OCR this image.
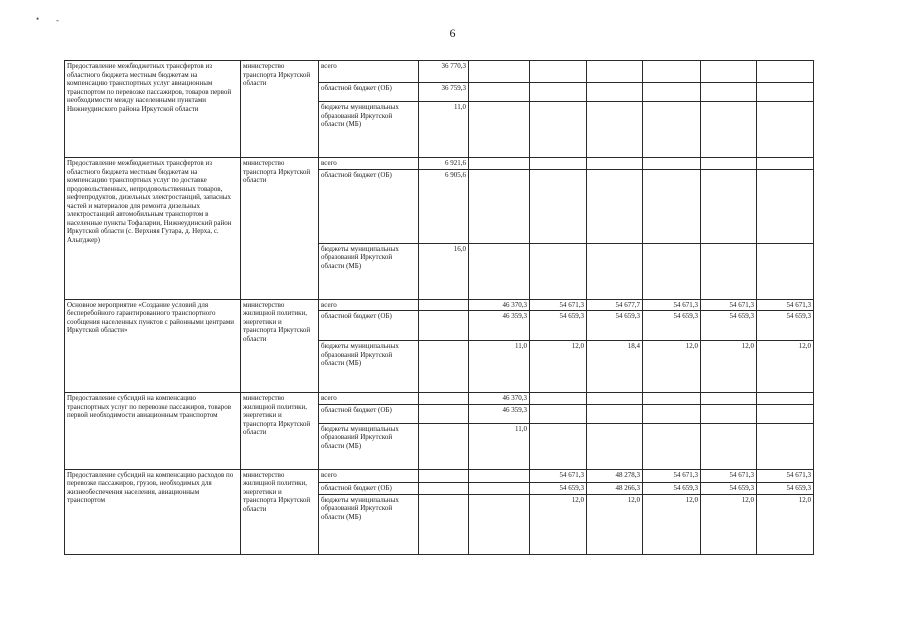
6
• -
Предоставление межбюджетных трансфертов из областного бюджета местным бюджетам на компенсацию транспортных услуг авиационным транспортом по перевозке пассажиров, товаров первой необходимости между населенными пунктами Нижнеудинского района Иркутской области	министерство транспорта Иркутской области	всего	36 770,3						
		областной бюджет (ОБ)	36 759,3						
		бюджеты муниципальных образований Иркутской области (МБ)	11,0						
Предоставление межбюджетных трансфертов из областного бюджета местным бюджетам на компенсацию транспортных услуг по доставке продовольственных, непродовольственных товаров, нефтепродуктов, дизельных электростанций, запасных частей и материалов для ремонта дизельных электростанций автомобильным транспортом в населенные пункты Тофаларии, Нижнеудинский район Иркутской области (с. Верхняя Гутара, д. Нерха, с. Алыгджер)	министерство транспорта Иркутской области	всего	6 921,6						
		областной бюджет (ОБ)	6 905,6						
		бюджеты муниципальных образований Иркутской области (МБ)	16,0						
Основное мероприятие «Создание условий для бесперебойного гарантированного транспортного сообщения населенных пунктов с районными центрами Иркутской области»	министерство жилищной политики, энергетики и транспорта Иркутской области	всего		46 370,3	54 671,3	54 677,7	54 671,3	54 671,3	54 671,3
		областной бюджет (ОБ)		46 359,3	54 659,3	54 659,3	54 659,3	54 659,3	54 659,3
		бюджеты муниципальных образований Иркутской области (МБ)		11,0	12,0	18,4	12,0	12,0	12,0
Предоставление субсидий на компенсацию транспортных услуг по перевозке пассажиров, товаров первой необходимости авиационным транспортом	министерство жилищной политики, энергетики и транспорта Иркутской области	всего		46 370,3					
		областной бюджет (ОБ)		46 359,3					
		бюджеты муниципальных образований Иркутской области (МБ)		11,0					
Предоставление субсидий на компенсацию расходов по перевозке пассажиров, грузов, необходимых для жизнеобеспечения населения, авиационным транспортом	министерство жилищной политики, энергетики и транспорта Иркутской области	всего			54 671,3	48 278,3	54 671,3	54 671,3	54 671,3
		областной бюджет (ОБ)			54 659,3	48 266,3	54 659,3	54 659,3	54 659,3
		бюджеты муниципальных образований Иркутской области (МБ)			12,0	12,0	12,0	12,0	12,0
